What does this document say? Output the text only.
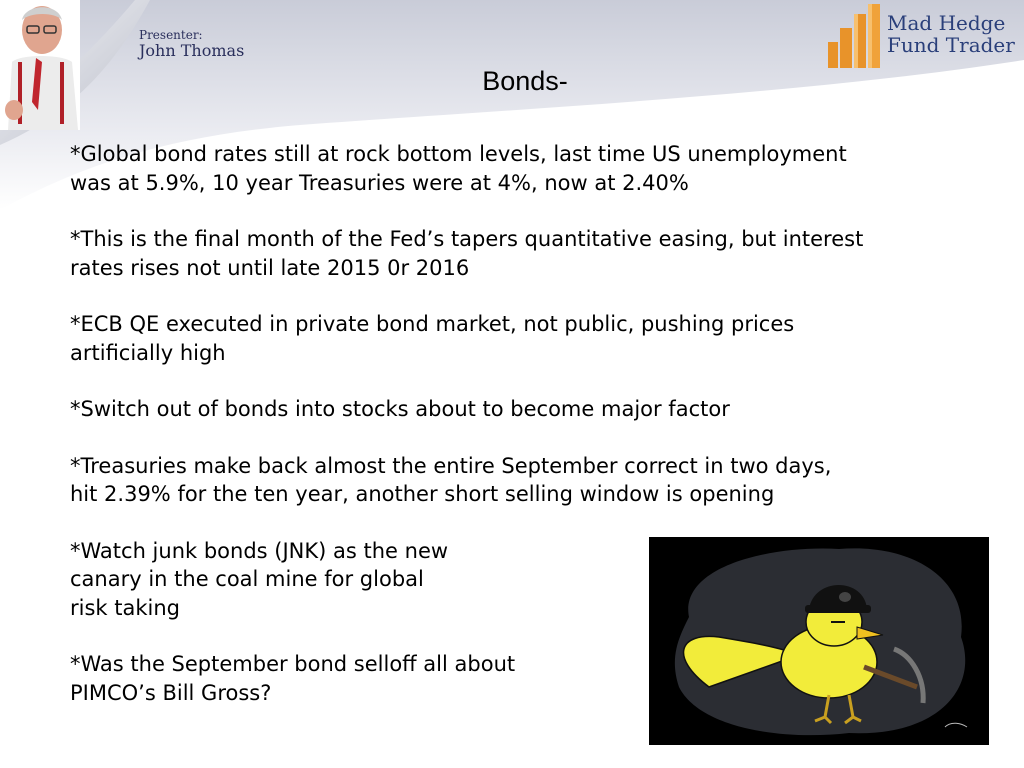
Presenter:
John Thomas
Mad Hedge
Fund Trader
Bonds-
*Global bond rates still at rock bottom levels, last time US unemployment
was at 5.9%, 10 year Treasuries were at 4%, now at 2.40%
*This is the final month of the Fed’s tapers quantitative easing, but interest
rates rises not until late 2015 0r 2016
*ECB QE executed in private bond market, not public, pushing prices
artificially high
*Switch out of bonds into stocks about to become major factor
*Treasuries make back almost the entire September correct in two days,
hit 2.39% for the ten year, another short selling window is opening
*Watch junk bonds (JNK) as the new
canary in the coal mine for global
risk taking
*Was the September bond selloff all about
PIMCO’s Bill Gross?
